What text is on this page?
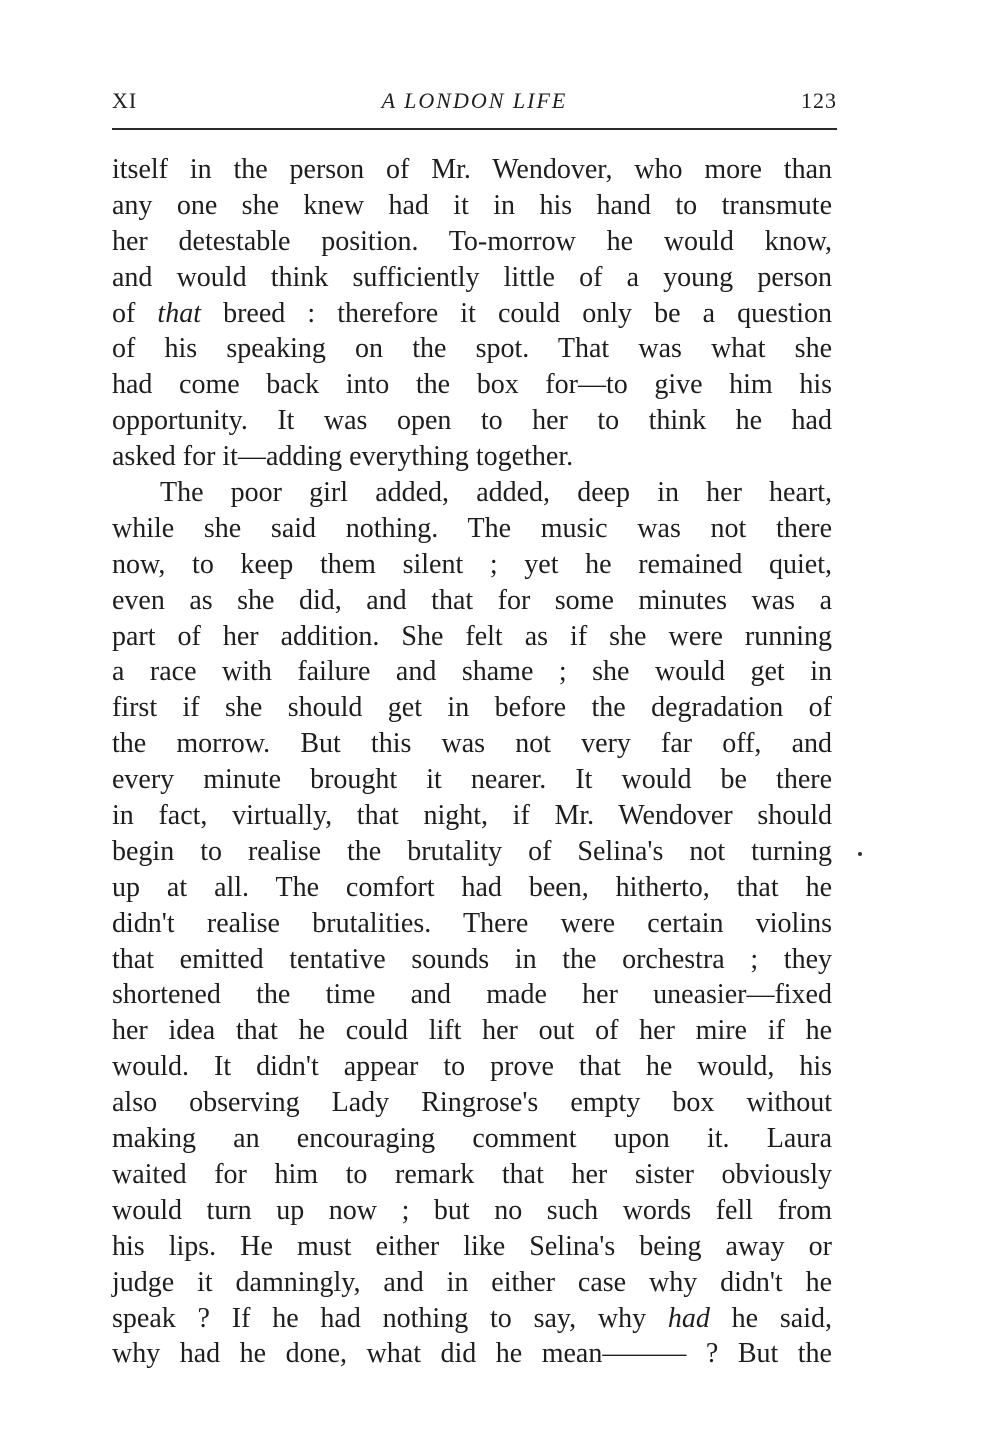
XI	A LONDON LIFE	123
itself in the person of Mr. Wendover, who more than
any one she knew had it in his hand to transmute
her detestable position. To-morrow he would know,
and would think sufficiently little of a young person
of that breed : therefore it could only be a question
of his speaking on the spot. That was what she
had come back into the box for—to give him his
opportunity. It was open to her to think he had
asked for it—adding everything together.
The poor girl added, added, deep in her heart,
while she said nothing. The music was not there
now, to keep them silent ; yet he remained quiet,
even as she did, and that for some minutes was a
part of her addition. She felt as if she were running
a race with failure and shame ; she would get in
first if she should get in before the degradation of
the morrow. But this was not very far off, and
every minute brought it nearer. It would be there
in fact, virtually, that night, if Mr. Wendover should
begin to realise the brutality of Selina's not turning
up at all. The comfort had been, hitherto, that he
didn't realise brutalities. There were certain violins
that emitted tentative sounds in the orchestra ; they
shortened the time and made her uneasier—fixed
her idea that he could lift her out of her mire if he
would. It didn't appear to prove that he would, his
also observing Lady Ringrose's empty box without
making an encouraging comment upon it. Laura
waited for him to remark that her sister obviously
would turn up now ; but no such words fell from
his lips. He must either like Selina's being away or
judge it damningly, and in either case why didn't he
speak ? If he had nothing to say, why had he said,
why had he done, what did he mean——— ? But the
